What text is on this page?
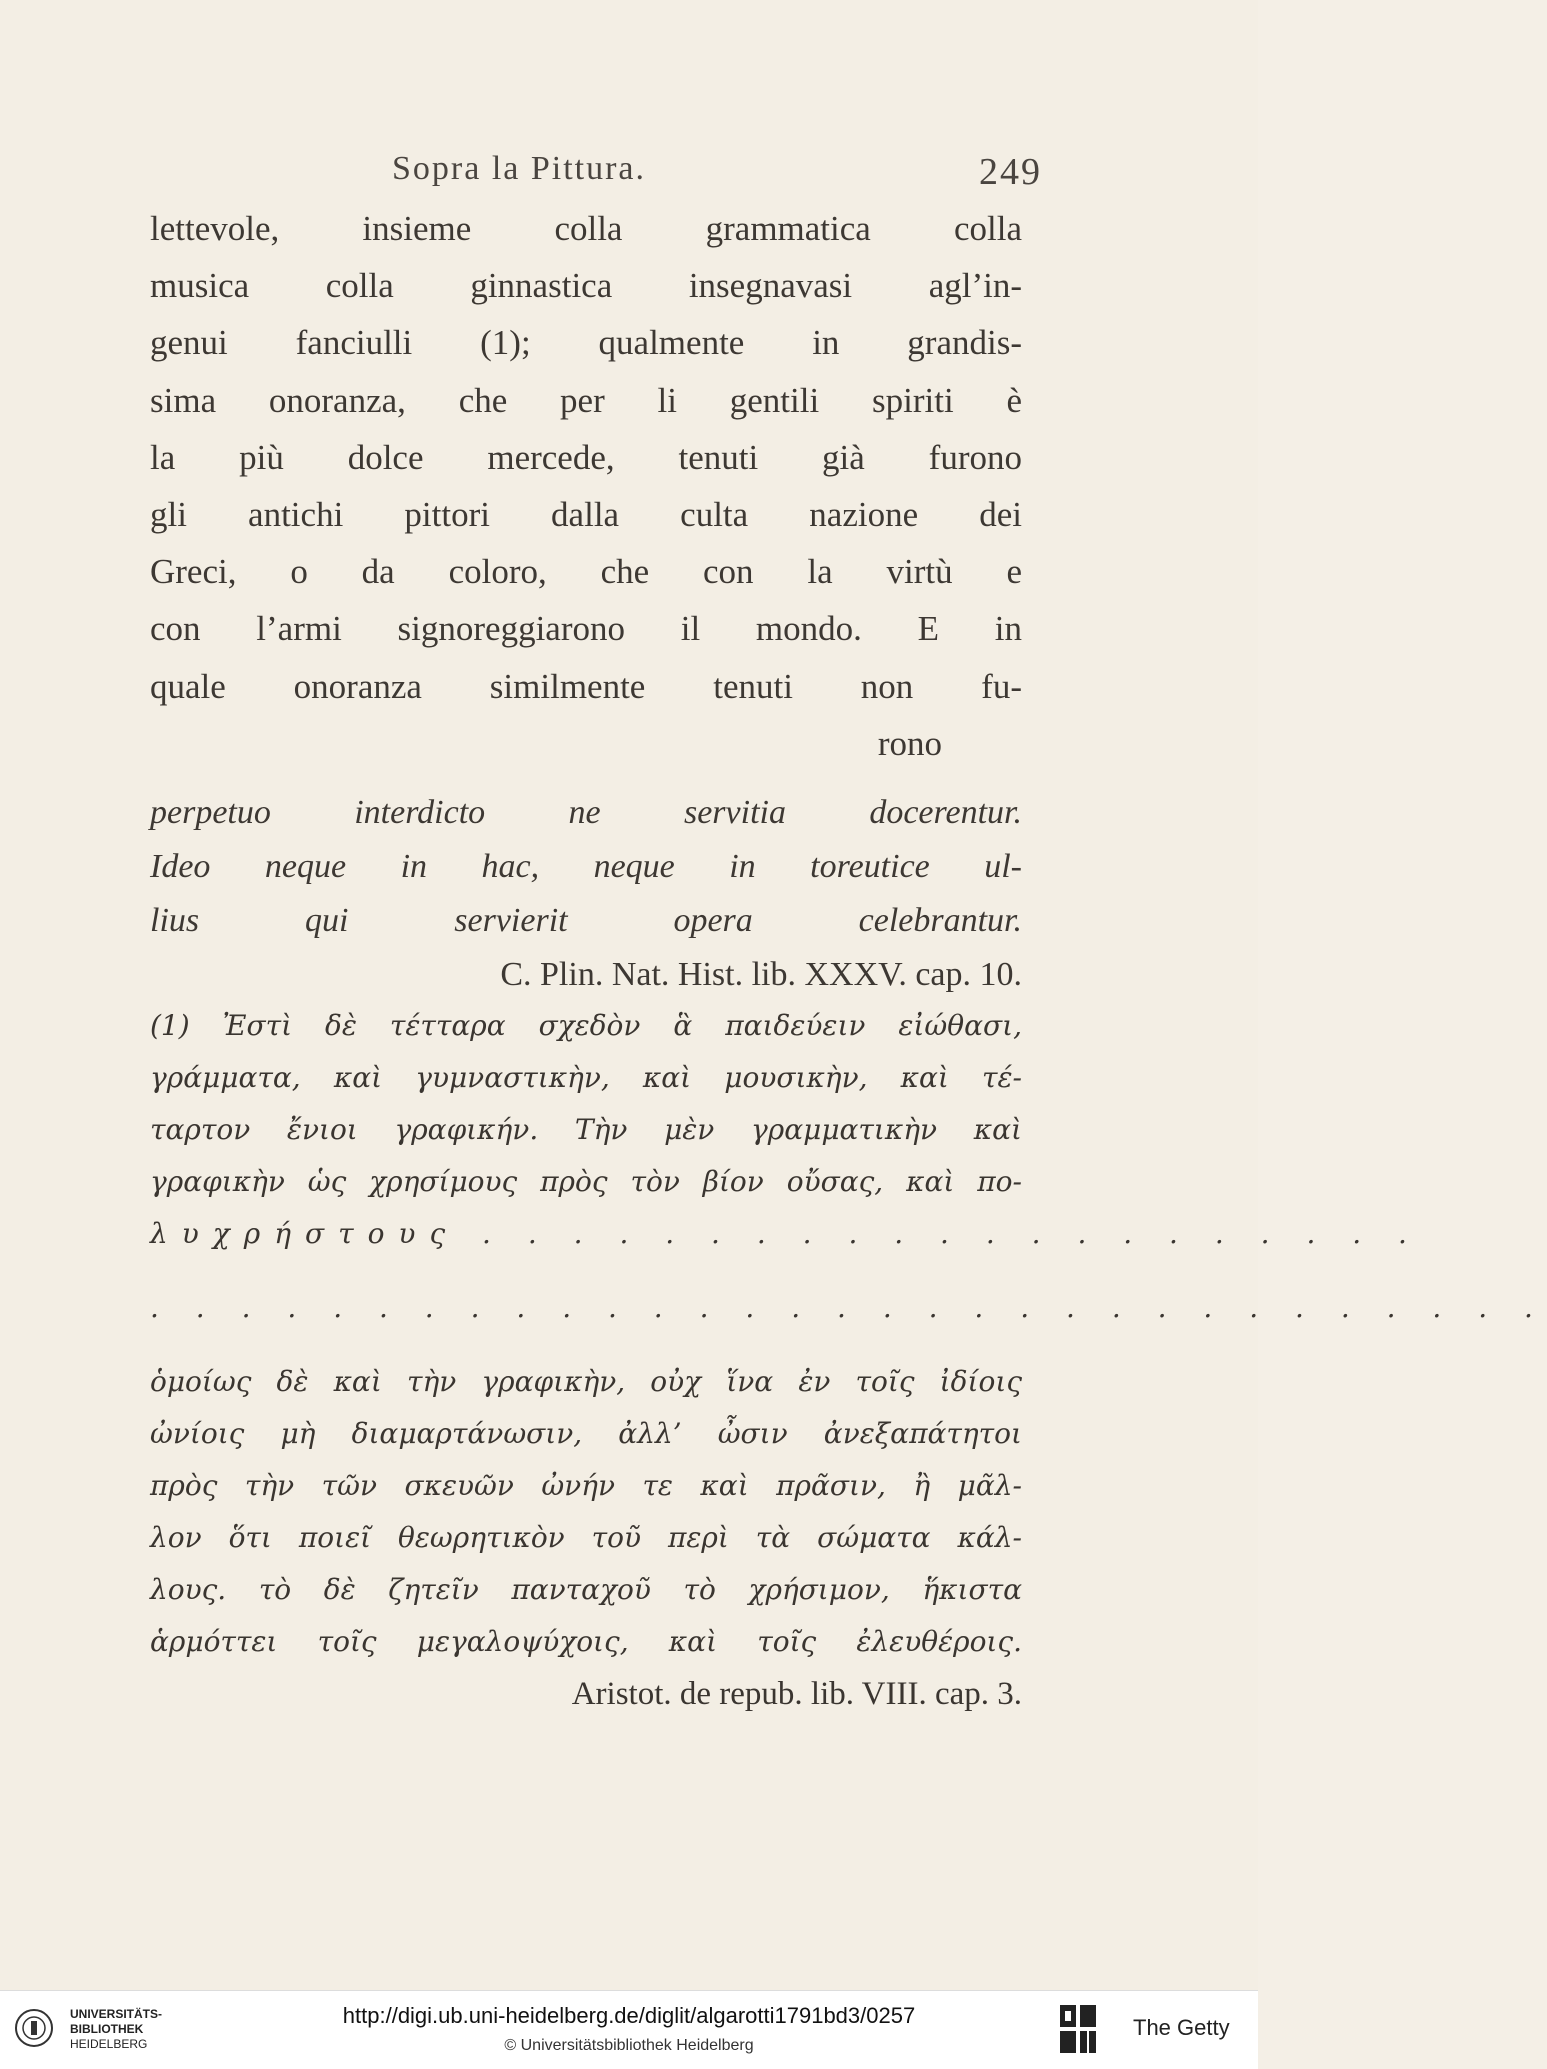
Sopra la Pittura.	249
lettevole, insieme colla grammatica colla
musica colla ginnastica insegnavasi agl’in-
genui fanciulli (1); qualmente in grandis-
sima onoranza, che per li gentili spiriti è
la più dolce mercede, tenuti già furono
gli antichi pittori dalla culta nazione dei
Greci, o da coloro, che con la virtù e
con l’armi signoreggiarono il mondo. E in
quale onoranza similmente tenuti non fu-
rono
perpetuo interdicto ne servitia docerentur.
Ideo neque in hac, neque in toreutice ul-
lius qui servierit opera celebrantur.
C. Plin. Nat. Hist. lib. XXXV. cap. 10.
(1) Ἐστὶ δὲ τέτταρα σχεδὸν ἃ παιδεύειν εἰώθασι,
γράμματα, καὶ γυμναστικὴν, καὶ μουσικὴν, καὶ τέ-
ταρτον ἔνιοι γραφικήν. Τὴν μὲν γραμματικὴν καὶ
γραφικὴν ὡς χρησίμους πρὸς τὸν βίον οὔσας, καὶ πο-
λυχρήστους . . . . . . . . . . . . . . . . . . . . .
. . . . . . . . . . . . . . . . . . . . . . . . . . . . . . .
ὁμοίως δὲ καὶ τὴν γραφικὴν, οὐχ ἵνα ἐν τοῖς ἰδίοις
ὠνίοις μὴ διαμαρτάνωσιν, ἀλλ’ ὦσιν ἀνεξαπάτητοι
πρὸς τὴν τῶν σκευῶν ὠνήν τε καὶ πρᾶσιν, ἢ μᾶλ-
λον ὅτι ποιεῖ θεωρητικὸν τοῦ περὶ τὰ σώματα κάλ-
λους. τὸ δὲ ζητεῖν πανταχοῦ τὸ χρήσιμον, ἥκιστα
ἁρμόττει τοῖς μεγαλοψύχοις, καὶ τοῖς ἐλευθέροις.
Aristot. de repub. lib. VIII. cap. 3.
UNIVERSITÄTS-
BIBLIOTHEK
HEIDELBERG
http://digi.ub.uni-heidelberg.de/diglit/algarotti1791bd3/0257
© Universitätsbibliothek Heidelberg
The Getty
